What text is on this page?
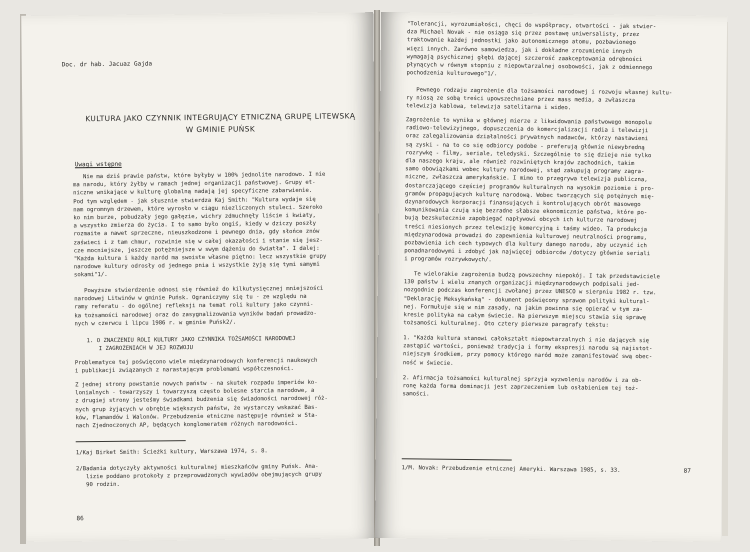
Doc. dr hab. Jacuaz Gajda
KULTURA JAKO CZYNNIK INTEGRUJĄCY ETNICZNĄ GRUPĘ LITEWSKĄ
W GMINIE PUŃSK
Uwagi wstępne
Nie ma dziś prawie państw, które byłyby w 100% jednolite narodowo. I nie
ma narodu, który żyłby w ramach jednej organizacji państwowej. Grupy et-
niczne wnikające w kulturę globalną nadają jej specyficzne zabarwienie.
Pod tym względem - jak słusznie stwierdza Kaj Smith: "Kultura wydaje się
nam ogromnym drzewem, które wyrosło w ciągu niezliczonych stuleci. Szeroko
ko nim burze, pobudzały jego gałęzie, wichry zdmuchnęły liście i kwiaty,
a wszystko zmierza do życia. I to samo było ongiś, kiedy w dziczy poszły
rozmaite a nawet sprzeczne, nieuszkodzone i pewnego dnia, gdy słońce znów
zaświeci i z tam chmur, rozwinie się w całej okazałości i stanie się jesz-
cze mocniejsze, jeszcze potężniejsze w swym dążeniu do światła". I dalej:
"Każda kultura i każdy naród ma swoiste własne piętno: lecz wszystkie grupy
narodowe kultury odrosły od jednego pnia i wszystkie żyją się tymi samymi
sokami"1/.
Powyższe stwierdzenie odnosi się również do kilkutysięcznej mniejszości
narodowej Litwinów w gminie Puńsk. Ograniczymy się tu - ze względu na
ramy referatu - do ogólnej refleksji na temat roli kultury jako czynni-
ka tożsamości narodowej oraz do zasygnalizowania wyników badań prowadzo-
nych w czerwcu i lipcu 1986 r. w gminie Puńsk2/.
1. O ZNACZENIU ROLI KULTURY JAKO CZYNNIKA TOŻSAMOŚCI NARODOWEJ
I ZAGROŻENIACH W JEJ ROZWOJU
Problematyce tej poświęcono wiele międzynarodowych konferencji naukowych
i publikacji związanych z narastającym problemami współczesności.
Z jednej strony powstanie nowych państw - na skutek rozpadu imperiów ko-
lonialnych - towarzyszy i towarzyszą często bolesne starcia narodowe, a
z drugiej strony jesteśmy świadkami budzenia się świadomości narodowej róż-
nych grup żyjących w obrębie większych państw, że wystarczy wskazać Bas-
ków, Flamandów i Walonów. Przebudzenie etniczne następuje również w Sta-
nach Zjednoczonych AP, będących konglomeratem różnych narodowości.
1/Kaj Birket Smith: Ścieżki kultury, Warszawa 1974, s. 8.
2/Badania dotyczyły aktywności kulturalnej mieszkańców gminy Puńsk. Ana-
lizie poddano protokoły z przeprowadzonych wywiadów obejmujących grupy
90 rodzin.
86
"Tolerancji, wyrozumiałości, chęci do współpracy, otwartości - jak stwier-
dza Michael Novak - nie osiąga się przez postawę uniwersalisty, przez
traktowanie każdej jednostki jako autonomicznego atomu, pozbawionego
więzi innych. Zarówno samowiedza, jak i dokładne zrozumienie innych
wymagają psychicznej głębi dającej szczerość zaakceptowania odrębności
płynących w równym stopniu z niepowtarzalnej osobowości, jak z odmiennego
pochodzenia kulturowego"1/.
Pewnego rodzaju zagrożenie dla tożsamości narodowej i rozwoju własnej kultu-
ry niosą ze sobą treści upowszechniane przez mass media, a zwłaszcza
telewizja kablowa, telewizja satelitarna i wideo.
Zagrożenie to wynika w głównej mierze z likwidowania państwowego monopolu
radiowo-telewizyjnego, dopuszczenia do komercjalizacji radia i telewizji
oraz zalegalizowania działalności prywatnych nadawców, którzy nastawieni
są zyski - na to co się odbiorcy podobe - preferują głównie niewybredną
rozrywkę - filmy, seriale, teledyski. Szczególnie to się dzieje nie tylko
dla naszego kraju, ale również rozwiniętych krajów zachodnich, takim
samo obowiązkami wobec kultury narodowej, stąd zakupują programy zagra-
niczne, zwłaszcza amerykańskie. I mimo to przegrywa telewizja publiczna,
dostarczającego częściej programów kulturalnych na wysokim poziomie i pro-
gramów propagujących kulturę narodową. Wobec tworzących się potężnych mię-
dzynarodowych korporacji finansujących i kontrolujących obrót masowego
komunikowania czują się bezradne słabsze ekonomicznie państwa, które po-
bują bezskutecznie zapobiegać napływowi obcych ich kulturze narodowej
treści niesionych przez telewizję komercyjną i taśmy wideo. Ta produkcja
międzynarodowa prowadzi do zapewnienia kulturowej neutralności programu,
pozbawienia ich cech typowych dla kultury danego narodu, aby uczynić ich
ponadnarodowymi i zdobyć jak najwięcej odbiorców /dotyczy głównie seriali
i programów rozrywkowych/.
Te wielorakie zagrożenia budzą powszechny niepokój. I tak przedstawiciele
130 państw i wielu znanych organizacji międzynarodowych podpisali jed-
nozgodnie podczas konferencji zwołanej przez UNESCO w sierpniu 1982 r. tzw.
"Deklarację Meksykańską" - dokument poświęcony sprawom polityki kultural-
nej. Formułuje się w nim zasady, na jakim powinna się opierać w tym za-
kresie polityka na całym świecie. Na pierwszym miejscu stawia się sprawę
tożsamości kulturalnej. Oto cztery pierwsze paragrafy tekstu:
1. "Każda kultura stanowi całokształt niepowtarzalnych i nie dających się
zastąpić wartości, ponieważ tradycja i formy ekspresji narodu są najistot-
niejszym środkiem, przy pomocy którego naród może zamanifestować swą obec-
ność w świecie.
2. Afirmacja tożsamości kulturalnej sprzyja wyzwoleniu narodów i za ob-
ronę każda forma dominacji jest zaprzeczeniem lub osłabieniem tej toż-
samości.
1/M. Novak: Przebudzenie etnicznej Ameryki. Warszawa 1985, s. 33.	87
